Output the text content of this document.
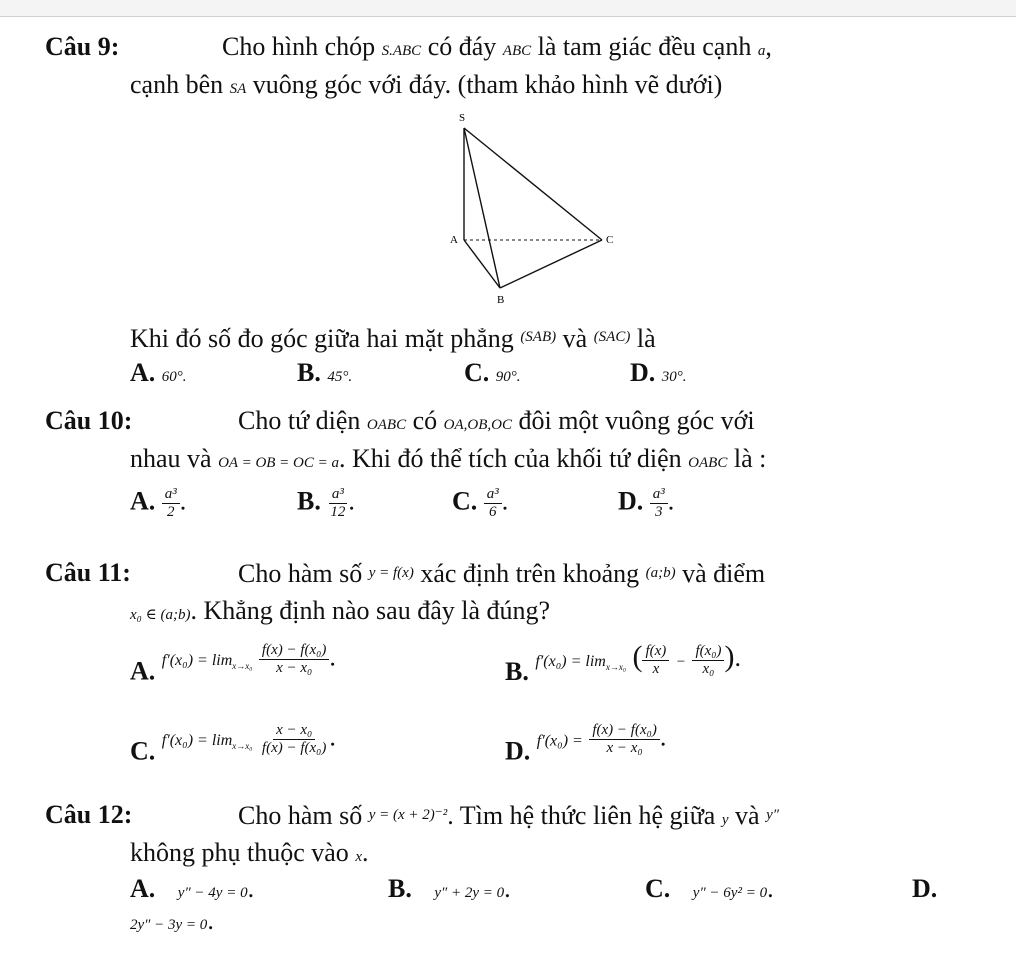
Câu 9:	Cho hình chóp S.ABC có đáy ABC là tam giác đều cạnh a,
cạnh bên SA vuông góc với đáy. (tham khảo hình vẽ dưới)
S
A
B
C
Khi đó số đo góc giữa hai mặt phẳng $^{(SAB)}$ và $^{(SAC)}$ là
A. 60°.	B. 45°.	C. 90°.	D. 30°.
Câu 10:	Cho tứ diện OABC có OA,OB,OC đôi một vuông góc với
nhau và OA = OB = OC = a. Khi đó thể tích của khối tứ diện OABC là :
A. $\frac{\text{a³}}{2}$ .	B. $\frac{\text{a³}}{12}$ .	C. $\frac{\text{a³}}{6}$ .	D. $\frac{\text{a³}}{3}$ .
Câu 11:	Cho hàm số y = f(x) xác định trên khoảng (a;b) và điểm
x₀ ∈ (a;b). Khẳng định nào sau đây là đúng?
A. $f'(x_0) = \lim_{x\to x_0} \frac{\text{f(x) − f(x₀)}}{\text{x − x₀}}$ .
B. $f'(x_0) = \lim_{x\to x_0}$ ( $\frac{f(x)}{x} - \frac{\text{f(x₀)}}{\text{x₀}}$ ).
C. $f'(x_0) = \lim_{x\to x_0} \frac{\text{x − x₀}}{\text{f(x) − f(x₀)}}$ .	D. $f'(x_0) = \frac{\text{f(x) − f(x₀)}}{\text{x − x₀}}$ .
Câu 12:	Cho hàm số y = (x + 2)⁻². Tìm hệ thức liên hệ giữa y và y″
không phụ thuộc vào x.
A. y″ − 4y = 0.	B. y″ + 2y = 0.	C. y″ − 6y² = 0.	D.
2y″ − 3y = 0.
